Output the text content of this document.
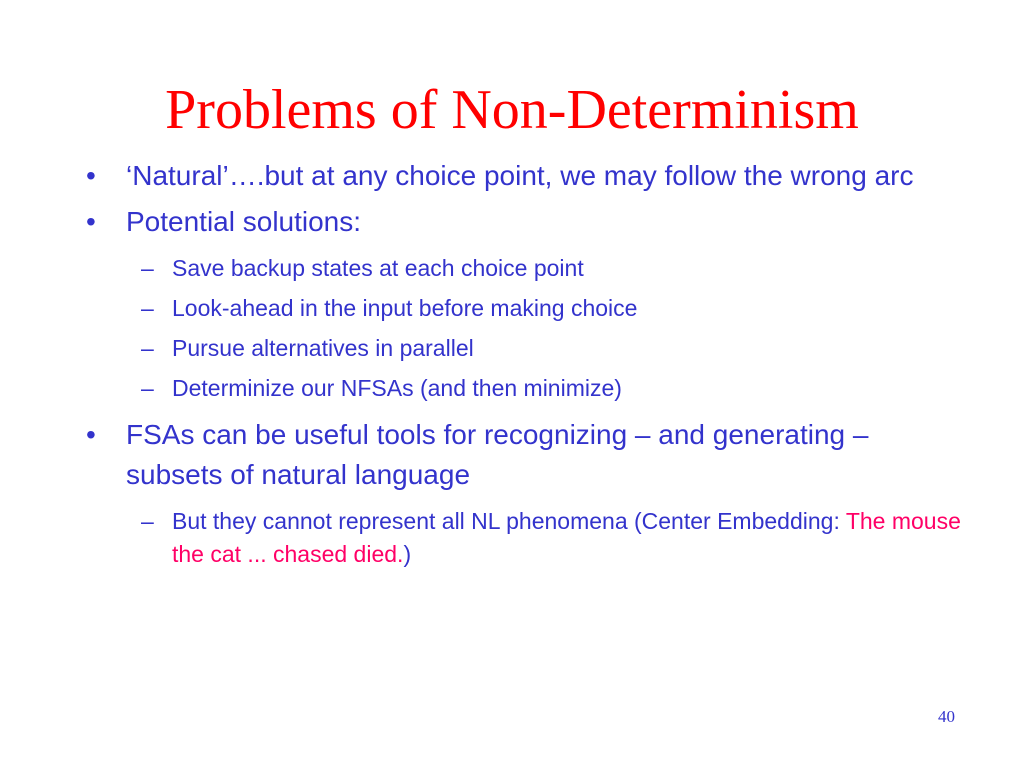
Problems of Non-Determinism
•	‘Natural’….but at any choice point, we may follow the wrong arc
•	Potential solutions:
– Save backup states at each choice point
– Look-ahead in the input before making choice
– Pursue alternatives in parallel
– Determinize our NFSAs (and then minimize)
•	FSAs can be useful tools for recognizing – and generating – subsets of natural language
– But they cannot represent all NL phenomena (Center Embedding: The mouse the cat ... chased died.)
40
